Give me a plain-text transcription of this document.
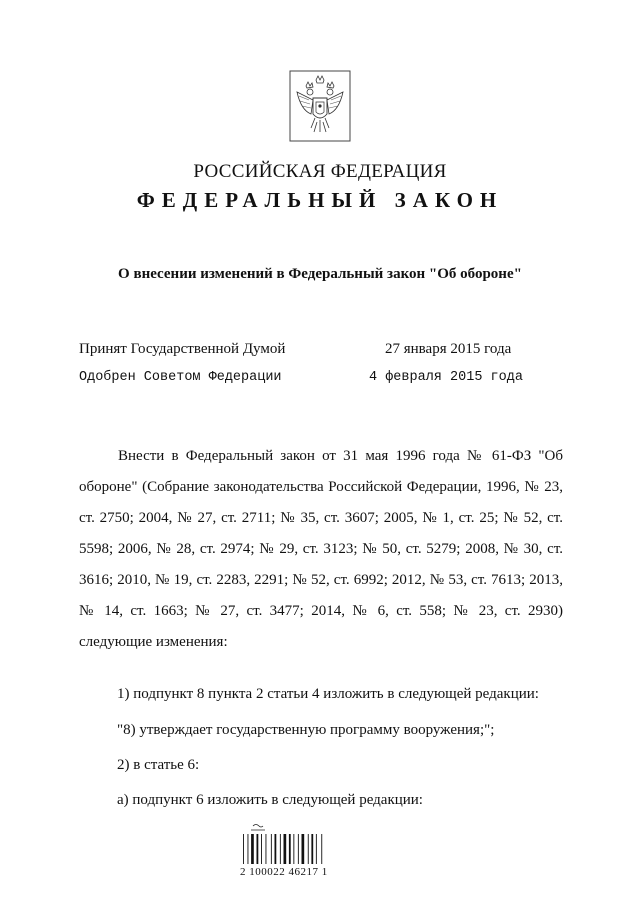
РОССИЙСКАЯ ФЕДЕРАЦИЯ
ФЕДЕРАЛЬНЫЙ ЗАКОН
О внесении изменений в Федеральный закон "Об обороне"
Принят Государственной Думой	27 января 2015 года
Одобрен Советом Федерации	4 февраля 2015 года

Внести в Федеральный закон от 31 мая 1996 года № 61-ФЗ "Об обороне" (Собрание законодательства Российской Федерации, 1996, № 23, ст. 2750; 2004, № 27, ст. 2711; № 35, ст. 3607; 2005, № 1, ст. 25; № 52, ст. 5598; 2006, № 28, ст. 2974; № 29, ст. 3123; № 50, ст. 5279; 2008, № 30, ст. 3616; 2010, № 19, ст. 2283, 2291; № 52, ст. 6992; 2012, № 53, ст. 7613; 2013, № 14, ст. 1663; № 27, ст. 3477; 2014, № 6, ст. 558; № 23, ст. 2930) следующие изменения:

1) подпункт 8 пункта 2 статьи 4 изложить в следующей редакции:
"8) утверждает государственную программу вооружения;";
2) в статье 6:
а) подпункт 6 изложить в следующей редакции:
2 100022 46217 1
